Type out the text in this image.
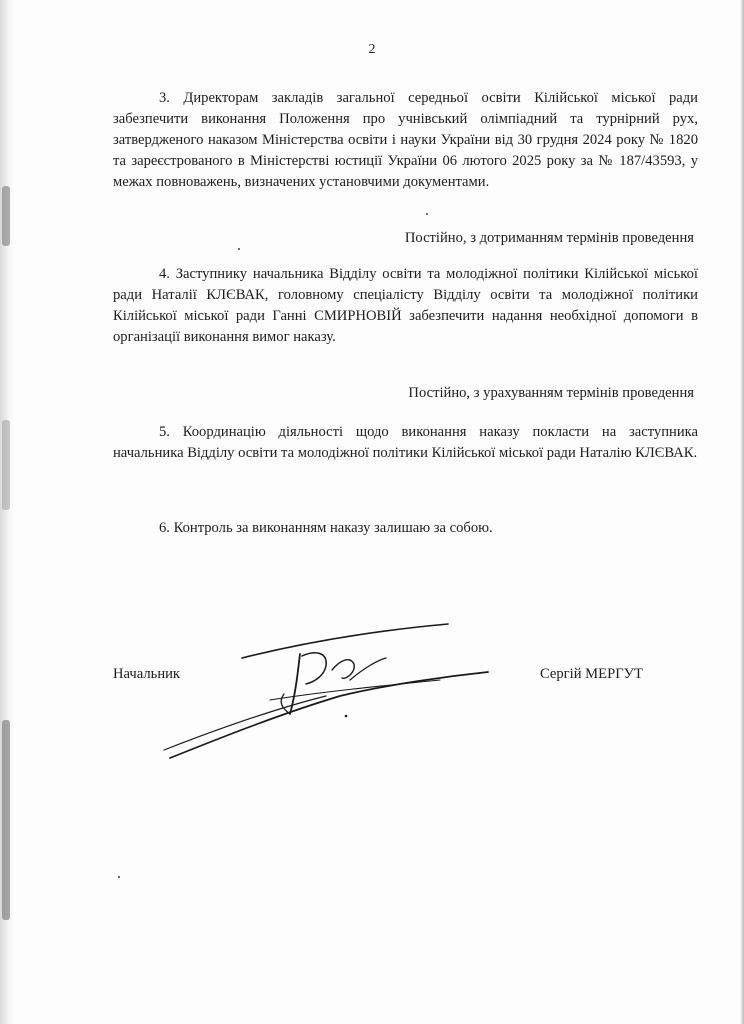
2

3. Директорам закладів загальної середньої освіти Кілійської міської ради забезпечити виконання Положення про учнівський олімпіадний та турнірний рух, затвердженого наказом Міністерства освіти і науки України від 30 грудня 2024 року № 1820 та зареєстрованого в Міністерстві юстиції України 06 лютого 2025 року за № 187/43593, у межах повноважень, визначених установчими документами.

Постійно, з дотриманням термінів проведення

4. Заступнику начальника Відділу освіти та молодіжної політики Кілійської міської ради Наталії КЛЄВАК, головному спеціалісту Відділу освіти та молодіжної політики Кілійської міської ради Ганні СМИРНОВІЙ забезпечити надання необхідної допомоги в організації виконання вимог наказу.

Постійно, з урахуванням термінів проведення

5. Координацію діяльності щодо виконання наказу покласти на заступника начальника Відділу освіти та молодіжної політики Кілійської міської ради Наталію КЛЄВАК.

6. Контроль за виконанням наказу залишаю за собою.

Начальник	Сергій МЕРГУТ
